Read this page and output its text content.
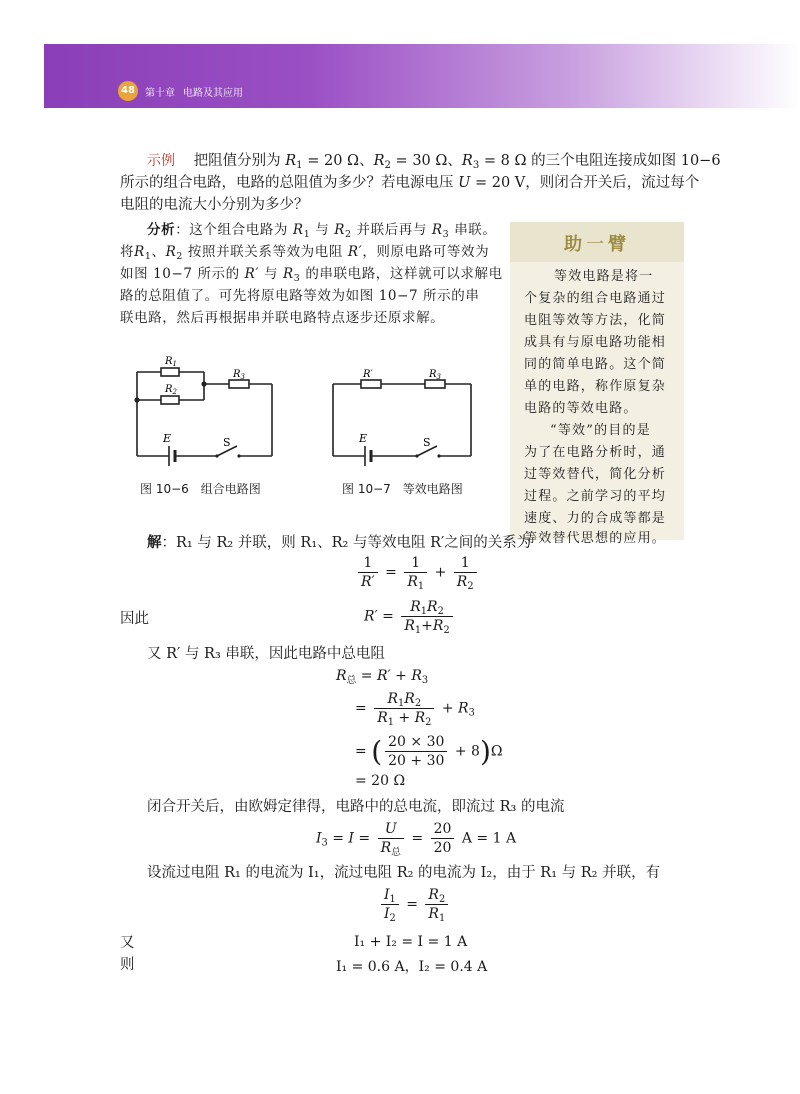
48	第十章 电路及其应用
示例 把阻值分别为 $R_1 = 20$ Ω、$R_2 = 30$ Ω、$R_3 = 8$ Ω 的三个电阻连接成如图 10−6
所示的组合电路，电路的总阻值为多少？若电源电压 U = 20 V，则闭合开关后，流过每个
电阻的电流大小分别为多少？
分析：这个组合电路为 $R_1$ 与 $R_2$ 并联后再与 $R_3$ 串联。
将$R_1$、$R_2$ 按照并联关系等效为电阻 R′，则原电路可等效为
如图 10−7 所示的 R′ 与 $R_3$ 的串联电路，这样就可以求解电
路的总阻值了。可先将原电路等效为如图 10−7 所示的串
联电路，然后再根据串并联电路特点逐步还原求解。
助一臂
等效电路是将一
个复杂的组合电路通过
电阻等效等方法，化简
成具有与原电路功能相
同的简单电路。这个简
单的电路，称作原复杂
电路的等效电路。
“等效”的目的是
为了在电路分析时，通
过等效替代，简化分析
过程。之前学习的平均
速度、力的合成等都是
等效替代思想的应用。
$R_1$
$R_2$
$R_3$
E	S
图 10−6　组合电路图
R′	$R_3$
E	S
图 10−7　等效电路图
解：R₁ 与 R₂ 并联，则 R₁、R₂ 与等效电阻 R′之间的关系为
$\frac{1}{R'} = \frac{1}{R_1} + \frac{1}{R_2}$
因此	$R' = \frac{R_1R_2}{R_1+R_2}$
又 R′ 与 R₃ 串联，因此电路中总电阻
$R_总 = R' + R_3$
= $\frac{R_1R_2}{R_1 + R_2} + R_3$
= ( $\frac{20 \times 30}{20 + 30} + 8)\Omega$
= 20 Ω
闭合开关后，由欧姆定律得，电路中的总电流，即流过 R₃ 的电流
$I_3 = I = \frac{U}{R_总} = \frac{20}{20}$ A = 1 A
设流过电阻 R₁ 的电流为 I₁，流过电阻 R₂ 的电流为 I₂，由于 R₁ 与 R₂ 并联，有
$\frac{I_1}{I_2} = \frac{R_2}{R_1}$
又	I₁ + I₂ = I = 1 A
则	I₁ = 0.6 A，I₂ = 0.4 A
